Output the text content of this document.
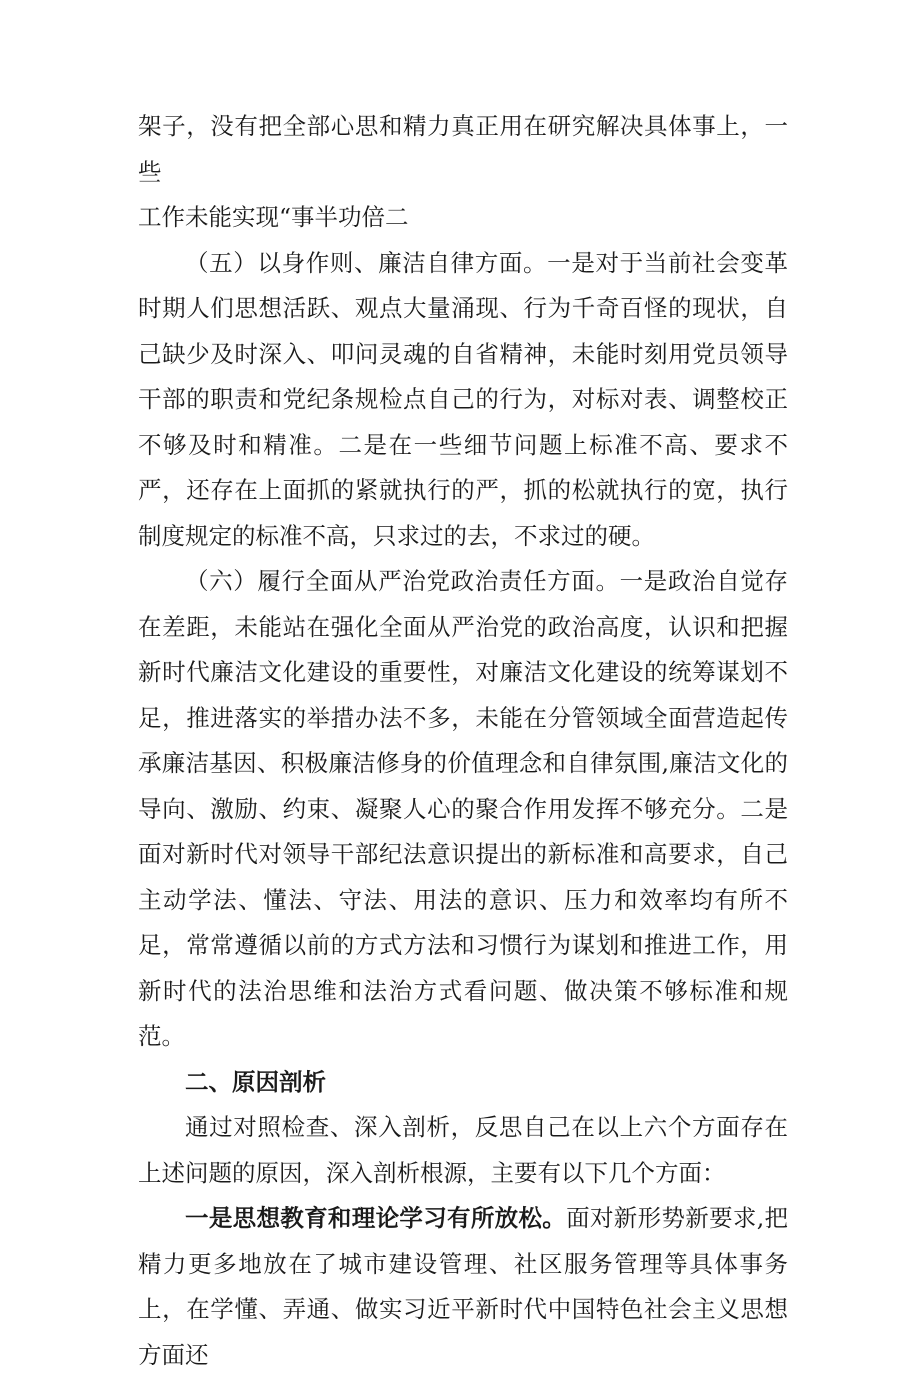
架子，没有把全部心思和精力真正用在研究解决具体事上，一些
工作未能实现“事半功倍二

（五）以身作则、廉洁自律方面。一是对于当前社会变革时期人们思想活跃、观点大量涌现、行为千奇百怪的现状，自己缺少及时深入、叩问灵魂的自省精神，未能时刻用党员领导干部的职责和党纪条规检点自己的行为，对标对表、调整校正不够及时和精准。二是在一些细节问题上标准不高、要求不严，还存在上面抓的紧就执行的严，抓的松就执行的宽，执行制度规定的标准不高，只求过的去，不求过的硬。

（六）履行全面从严治党政治责任方面。一是政治自觉存在差距，未能站在强化全面从严治党的政治高度，认识和把握新时代廉洁文化建设的重要性，对廉洁文化建设的统筹谋划不足，推进落实的举措办法不多，未能在分管领域全面营造起传承廉洁基因、积极廉洁修身的价值理念和自律氛围,廉洁文化的导向、激励、约束、凝聚人心的聚合作用发挥不够充分。二是面对新时代对领导干部纪法意识提出的新标准和高要求，自己主动学法、懂法、守法、用法的意识、压力和效率均有所不足，常常遵循以前的方式方法和习惯行为谋划和推进工作，用新时代的法治思维和法治方式看问题、做决策不够标准和规范。

二、原因剖析

通过对照检查、深入剖析，反思自己在以上六个方面存在上述问题的原因，深入剖析根源，主要有以下几个方面：

一是思想教育和理论学习有所放松。面对新形势新要求,把精力更多地放在了城市建设管理、社区服务管理等具体事务上，在学懂、弄通、做实习近平新时代中国特色社会主义思想方面还
